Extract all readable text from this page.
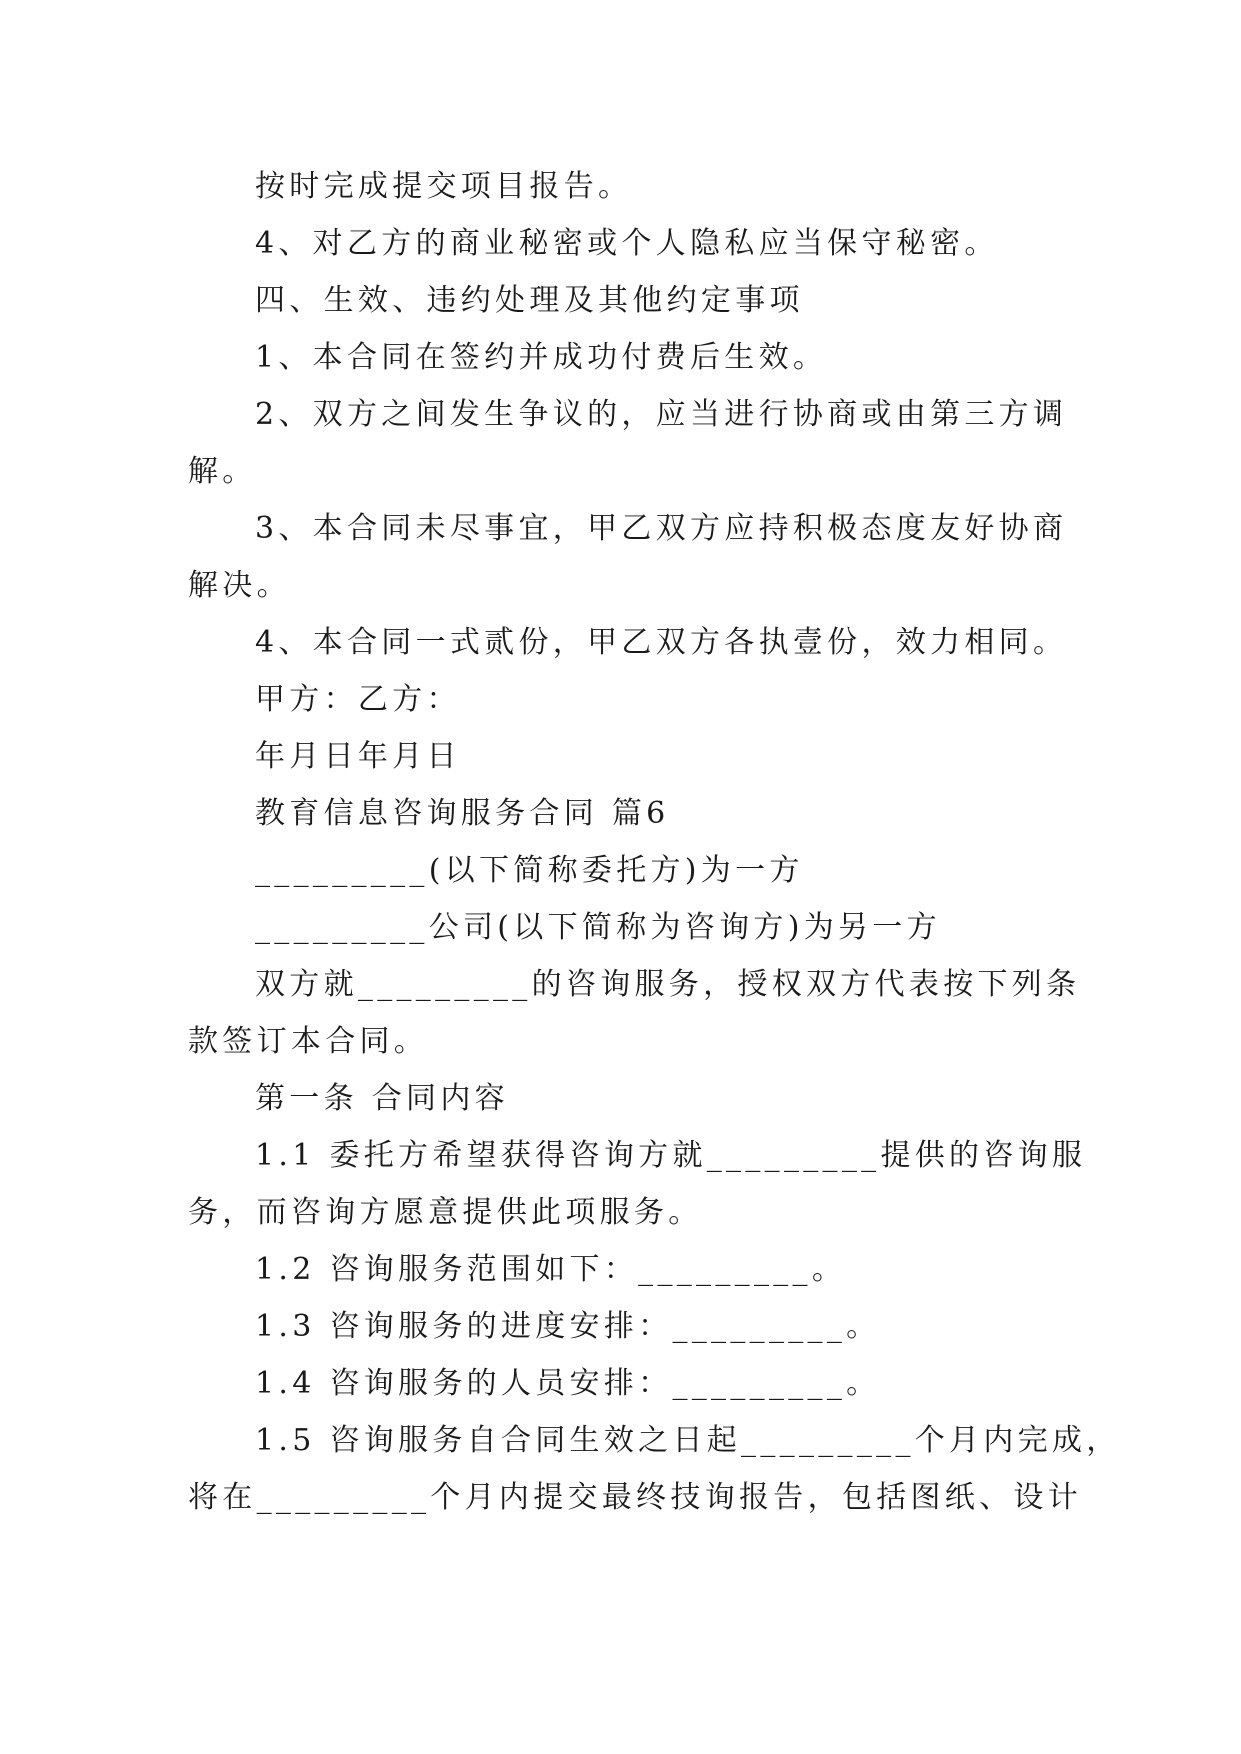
按时完成提交项目报告。
4、对乙方的商业秘密或个人隐私应当保守秘密。
四、生效、违约处理及其他约定事项
1、本合同在签约并成功付费后生效。
2、双方之间发生争议的，应当进行协商或由第三方调
解。
3、本合同未尽事宜，甲乙双方应持积极态度友好协商
解决。
4、本合同一式贰份，甲乙双方各执壹份，效力相同。
甲方：乙方：
年月日年月日
教育信息咨询服务合同 篇6
_________(以下简称委托方)为一方
_________公司(以下简称为咨询方)为另一方
双方就_________的咨询服务，授权双方代表按下列条
款签订本合同。
第一条 合同内容
1.1 委托方希望获得咨询方就_________提供的咨询服
务，而咨询方愿意提供此项服务。
1.2 咨询服务范围如下：_________。
1.3 咨询服务的进度安排：_________。
1.4 咨询服务的人员安排：_________。
1.5 咨询服务自合同生效之日起_________个月内完成，
将在_________个月内提交最终技询报告，包括图纸、设计
